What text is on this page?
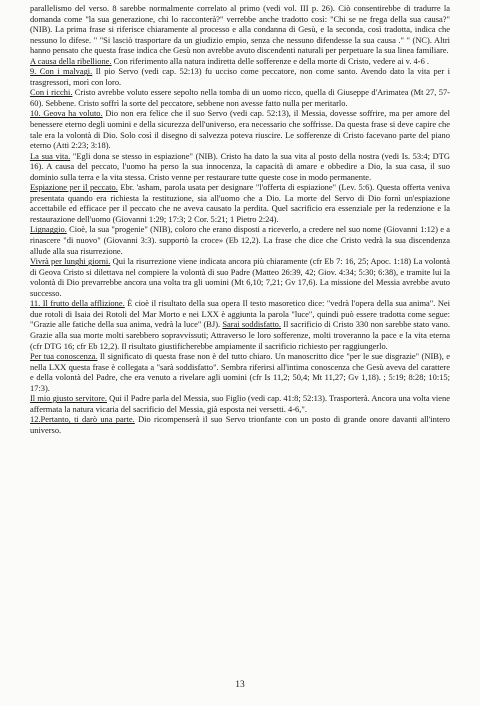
parallelismo del verso. 8 sarebbe normalmente correlato al primo (vedi vol. III p. 26). Ciò consentirebbe di tradurre la domanda come "la sua generazione, chi lo racconterà?" verrebbe anche tradotto così: "Chi se ne frega della sua causa?" (NIB). La prima frase si riferisce chiaramente al processo e alla condanna di Gesù, e la seconda, così tradotta, indica che nessuno lo difese. " "Si lasciò trasportare da un giudizio empio, senza che nessuno difendesse la sua causa ." " (NC). Altri hanno pensato che questa frase indica che Gesù non avrebbe avuto discendenti naturali per perpetuare la sua linea familiare.

A causa della ribellione. Con riferimento alla natura indiretta delle sofferenze e della morte di Cristo, vedere ai v. 4-6 .

9. Con i malvagi. Il pio Servo (vedi cap. 52:13) fu ucciso come peccatore, non come santo. Avendo dato la vita per i trasgressori, morì con loro.

Con i ricchi. Cristo avrebbe voluto essere sepolto nella tomba di un uomo ricco, quella di Giuseppe d'Arimatea (Mt 27, 57-60). Sebbene. Cristo soffrì la sorte del peccatore, sebbene non avesse fatto nulla per meritarlo.

10. Geova ha voluto. Dio non era felice che il suo Servo (vedi cap. 52:13), il Messia, dovesse soffrire, ma per amore del benessere eterno degli uomini e della sicurezza dell'universo, era necessario che soffrisse. Da questa frase si deve capire che tale era la volontà di Dio. Solo così il disegno di salvezza poteva riuscire. Le sofferenze di Cristo facevano parte del piano eterno (Atti 2:23; 3:18).

La sua vita. "Egli dona se stesso in espiazione" (NIB). Cristo ha dato la sua vita al posto della nostra (vedi Is. 53:4; DTG 16). A causa del peccato, l'uomo ha perso la sua innocenza, la capacità di amare e obbedire a Dio, la sua casa, il suo dominio sulla terra e la vita stessa. Cristo venne per restaurare tutte queste cose in modo permanente.

Espiazione per il peccato. Ebr. 'asham, parola usata per designare "l'offerta di espiazione" (Lev. 5:6). Questa offerta veniva presentata quando era richiesta la restituzione, sia all'uomo che a Dio. La morte del Servo di Dio fornì un'espiazione accettabile ed efficace per il peccato che ne aveva causato la perdita. Quel sacrificio era essenziale per la redenzione e la restaurazione dell'uomo (Giovanni 1:29; 17:3; 2 Cor. 5:21; 1 Pietro 2:24).

Lignaggio. Cioè, la sua "progenie" (NIB), coloro che erano disposti a riceverlo, a credere nel suo nome (Giovanni 1:12) e a rinascere "di nuovo" (Giovanni 3:3). supportò la croce» (Eb 12,2). La frase che dice che Cristo vedrà la sua discendenza allude alla sua risurrezione.

Vivrà per lunghi giorni. Qui la risurrezione viene indicata ancora più chiaramente (cfr Eb 7: 16, 25; Apoc. 1:18) La volontà di Geova Cristo si dilettava nel compiere la volontà di suo Padre (Matteo 26:39, 42; Giov. 4:34; 5:30; 6:38), e tramite lui la volontà di Dio prevarrebbe ancora una volta tra gli uomini (Mt 6,10; 7,21; Gv 17,6). La missione del Messia avrebbe avuto successo.

11. Il frutto della afflizione. È cioè il risultato della sua opera Il testo masoretico dice: "vedrà l'opera della sua anima". Nei due rotoli di Isaia dei Rotoli del Mar Morto e nei LXX è aggiunta la parola "luce", quindi può essere tradotta come segue: "Grazie alle fatiche della sua anima, vedrà la luce" (BJ). Sarai soddisfatto. Il sacrificio di Cristo 330 non sarebbe stato vano. Grazie alla sua morte molti sarebbero sopravvissuti; Attraverso le loro sofferenze, molti troveranno la pace e la vita eterna (cfr DTG 16; cfr Eb 12,2). Il risultato giustificherebbe ampiamente il sacrificio richiesto per raggiungerlo.

Per tua conoscenza. Il significato di questa frase non è del tutto chiaro. Un manoscritto dice "per le sue disgrazie" (NIB), e nella LXX questa frase è collegata a "sarà soddisfatto". Sembra riferirsi all'intima conoscenza che Gesù aveva del carattere e della volontà del Padre, che era venuto a rivelare agli uomini (cfr Is 11,2; 50,4; Mt 11,27; Gv 1,18). ; 5:19; 8:28; 10:15; 17:3).

Il mio giusto servitore. Qui il Padre parla del Messia, suo Figlio (vedi cap. 41:8; 52:13). Trasporterà. Ancora una volta viene affermata la natura vicaria del sacrificio del Messia, già esposta nei versetti. 4-6,".

12.Pertanto, ti darò una parte. Dio ricompenserà il suo Servo trionfante con un posto di grande onore davanti all'intero universo.

13
